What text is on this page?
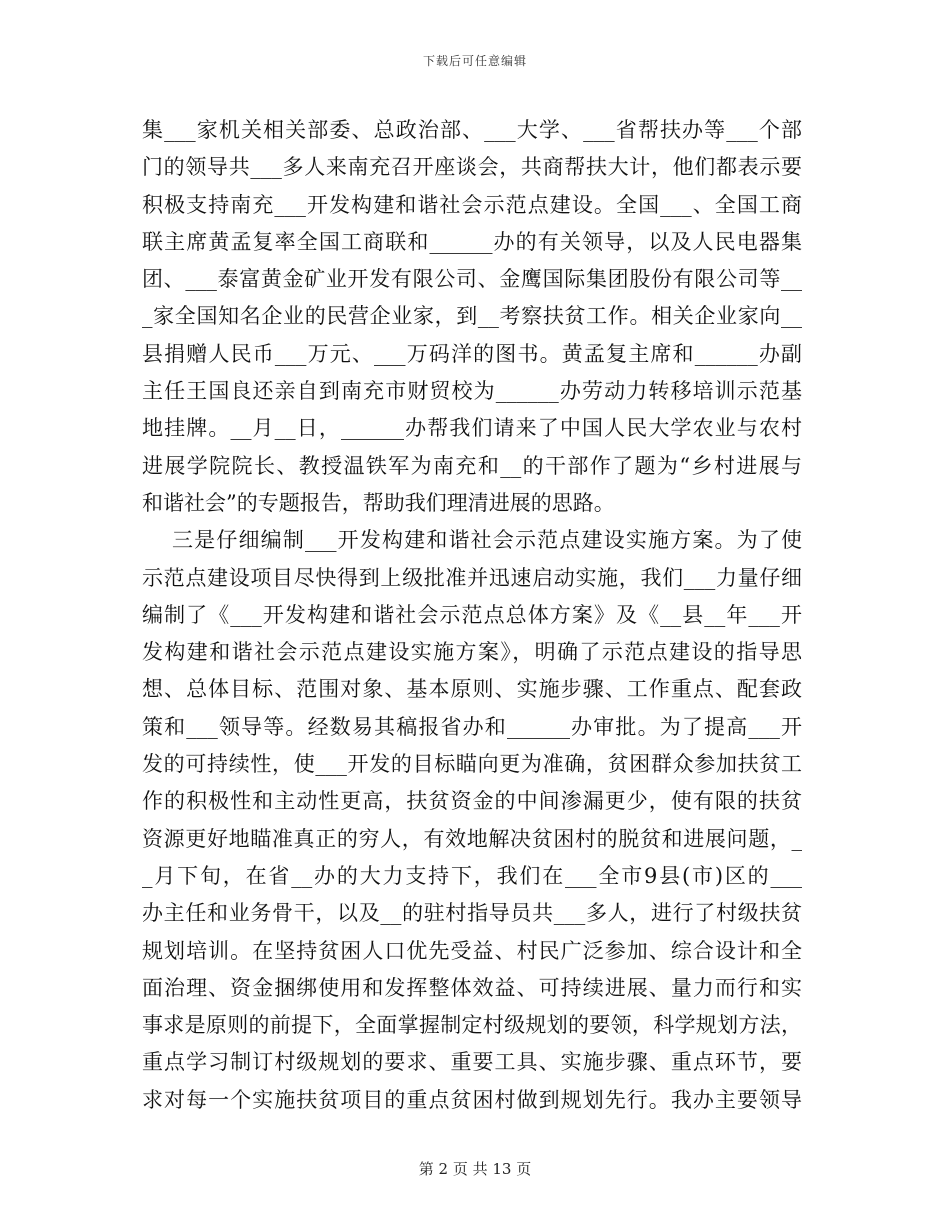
下载后可任意编辑
集___家机关相关部委、总政治部、___大学、___省帮扶办等___个部
门的领导共___多人来南充召开座谈会，共商帮扶大计，他们都表示要
积极支持南充___开发构建和谐社会示范点建设。全国___、全国工商
联主席黄孟复率全国工商联和______办的有关领导，以及人民电器集
团、___泰富黄金矿业开发有限公司、金鹰国际集团股份有限公司等__
_家全国知名企业的民营企业家，到__考察扶贫工作。相关企业家向__
县捐赠人民币___万元、___万码洋的图书。黄孟复主席和______办副
主任王国良还亲自到南充市财贸校为______办劳动力转移培训示范基
地挂牌。__月__日，______办帮我们请来了中国人民大学农业与农村
进展学院院长、教授温铁军为南充和__的干部作了题为“乡村进展与
和谐社会”的专题报告，帮助我们理清进展的思路。
三是仔细编制___开发构建和谐社会示范点建设实施方案。为了使
示范点建设项目尽快得到上级批准并迅速启动实施，我们___力量仔细
编制了《___开发构建和谐社会示范点总体方案》及《__县__年___开
发构建和谐社会示范点建设实施方案》，明确了示范点建设的指导思
想、总体目标、范围对象、基本原则、实施步骤、工作重点、配套政
策和___领导等。经数易其稿报省办和______办审批。为了提高___开
发的可持续性，使___开发的目标瞄向更为准确，贫困群众参加扶贫工
作的积极性和主动性更高，扶贫资金的中间渗漏更少，使有限的扶贫
资源更好地瞄准真正的穷人，有效地解决贫困村的脱贫和进展问题，_
_月下旬，在省__办的大力支持下，我们在___全市9县(市)区的___
办主任和业务骨干，以及__的驻村指导员共___多人，进行了村级扶贫
规划培训。在坚持贫困人口优先受益、村民广泛参加、综合设计和全
面治理、资金捆绑使用和发挥整体效益、可持续进展、量力而行和实
事求是原则的前提下，全面掌握制定村级规划的要领，科学规划方法，
重点学习制订村级规划的要求、重要工具、实施步骤、重点环节，要
求对每一个实施扶贫项目的重点贫困村做到规划先行。我办主要领导
第 2 页 共 13 页
